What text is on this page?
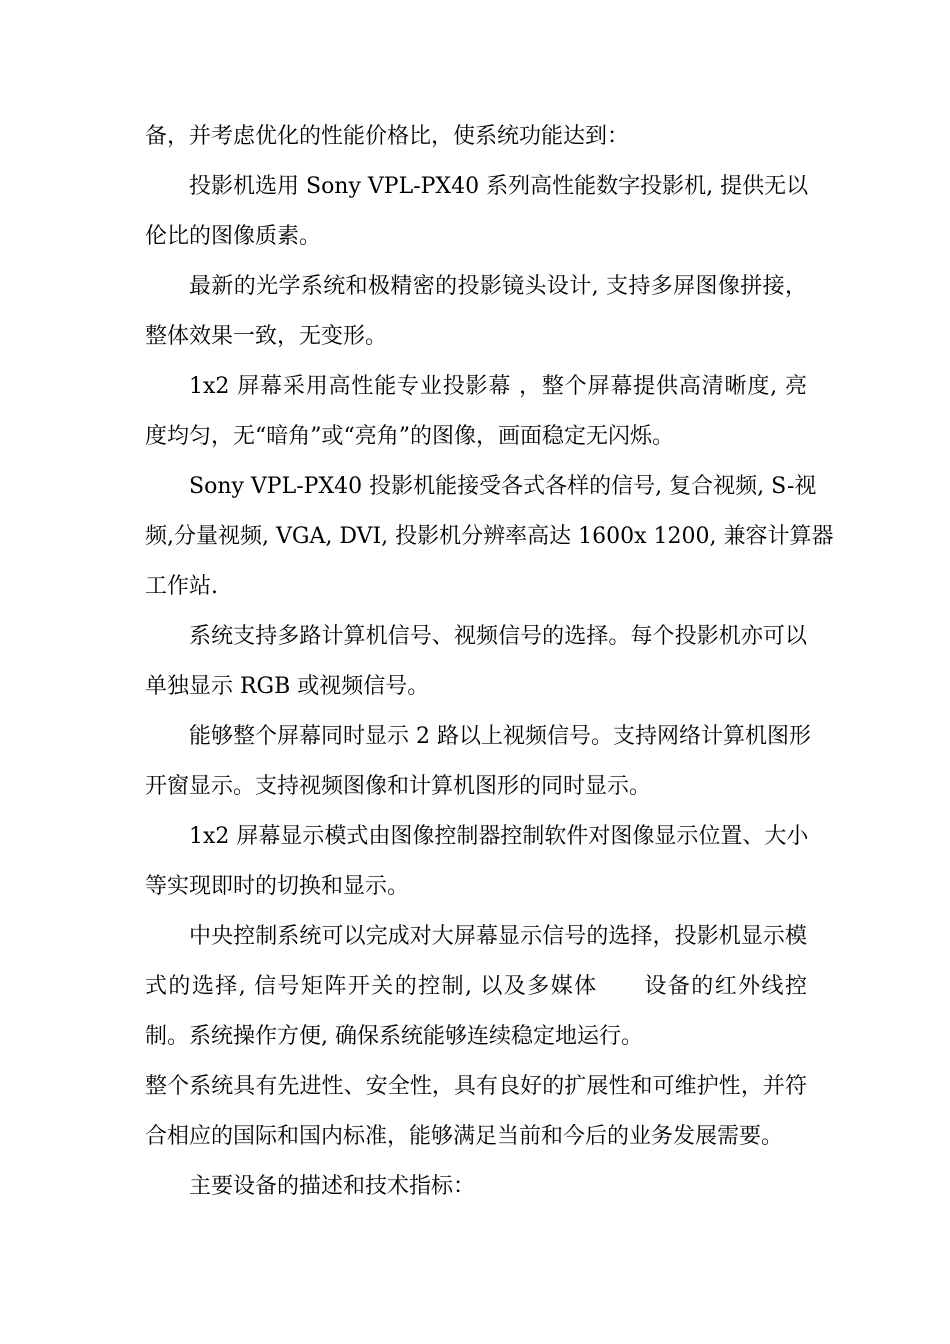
备，并考虑优化的性能价格比，使系统功能达到：
投影机选用 Sony VPL-PX40 系列高性能数字投影机, 提供无以
伦比的图像质素。
最新的光学系统和极精密的投影镜头设计, 支持多屏图像拼接，
整体效果一致，无变形。
1x2 屏幕采用高性能专业投影幕 ，整个屏幕提供高清晰度, 亮
度均匀，无“暗角”或“亮角”的图像，画面稳定无闪烁。
Sony VPL-PX40 投影机能接受各式各样的信号, 复合视频, S-视
频,分量视频, VGA, DVI, 投影机分辨率高达 1600x 1200, 兼容计算器
工作站.
系统支持多路计算机信号、视频信号的选择。每个投影机亦可以
单独显示 RGB 或视频信号。
能够整个屏幕同时显示 2 路以上视频信号。支持网络计算机图形
开窗显示。支持视频图像和计算机图形的同时显示。
1x2 屏幕显示模式由图像控制器控制软件对图像显示位置、大小
等实现即时的切换和显示。
中央控制系统可以完成对大屏幕显示信号的选择，投影机显示模
式的选择, 信号矩阵开关的控制, 以及多媒体　　设备的红外线控
制。系统操作方便, 确保系统能够连续稳定地运行。
整个系统具有先进性、安全性，具有良好的扩展性和可维护性，并符
合相应的国际和国内标准，能够满足当前和今后的业务发展需要。
主要设备的描述和技术指标：
